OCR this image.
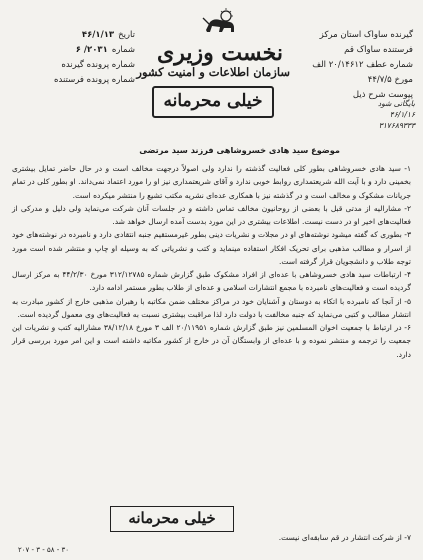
تاریخ۴۶/۱/۱۳
شماره۲۰۳۱/ ۶
شماره پرونده گیرنده
شماره پرونده فرستنده
نخست وزیری
سازمان اطلاعات و امنیت کشور
گیرنده ساواک استان مرکز
فرستنده ساواک قم
شماره عطف ۲۰/۱۴۶۱۲ الف
مورخ ۴۴/۷/۵
پیوست شرح ذیل
خیلی محرمانه	بایگانی شود
۴۶/۱/۱۶
۳۱۷۶۸۹۳۳۳
موضوع سید هادی خسروشاهی فرزند سید مرتضی

۱- سید هادی خسروشاهی بطور کلی فعالیت گذشته را ندارد ولی اصولاً درجهت مخالف است و در حال حاضر تمایل بیشتری بخمینی دارد و با آیت الله شریعتمداری روابط خوبی ندارد و آقای شریعتمداری نیز او را مورد اعتماد نمی‌داند. او بطور کلی در تمام جریانات مشکوک و مخالف است و در گذشته نیز با همکاری عده‌ای نشریه مکتب تشیع را منتشر میکرده است.

۲- مشارالیه از مدتی قبل با بعضی از روحانیون مخالف تماس داشته و در جلسات آنان شرکت می‌نماید ولی دلیل و مدرکی از فعالیت‌های اخیر او در دست نیست. اطلاعات بیشتری در این مورد بدست آمده ارسال خواهد شد.

۳- بطوری که گفته میشود نوشته‌های او در مجلات و نشریات دینی بطور غیرمستقیم جنبه انتقادی دارد و نامبرده در نوشته‌های خود از اسرار و مطالب مذهبی برای تحریک افکار استفاده مینماید و کتب و نشریاتی که به وسیله او چاپ و منتشر شده است مورد توجه طلاب و دانشجویان قرار گرفته است.

۴- ارتباطات سید هادی خسروشاهی با عده‌ای از افراد مشکوک طبق گزارش شماره ۳۱۲/۱۲۷۸۵ مورخ ۴۴/۲/۳۰ به مرکز ارسال گردیده است و فعالیت‌های نامبرده با مجمع انتشارات اسلامی و عده‌ای از طلاب بطور مستمر ادامه دارد.

۵- از آنجا که نامبرده با اتکاء به دوستان و آشنایان خود در مراکز مختلف ضمن مکاتبه با رهبران مذهبی خارج از کشور مبادرت به انتشار مطالب و کتبی می‌نماید که جنبه مخالفت با دولت دارد لذا مراقبت بیشتری نسبت به فعالیت‌های وی معمول گردیده است.

۶- در ارتباط با جمعیت اخوان المسلمین نیز طبق گزارش شماره ۲۰/۱۱۹۵۱ الف ۳ مورخ ۳۸/۱۲/۱۸ مشارالیه کتب و نشریات این جمعیت را ترجمه و منتشر نموده و با عده‌ای از وابستگان آن در خارج از کشور مکاتبه داشته است و این امر مورد بررسی قرار دارد.

خیلی محرمانه
۷- از شرکت انتشار در قم سابقه‌ای نیست.
۲۰۷ - ۳ - ۵۸ - ۳۰
